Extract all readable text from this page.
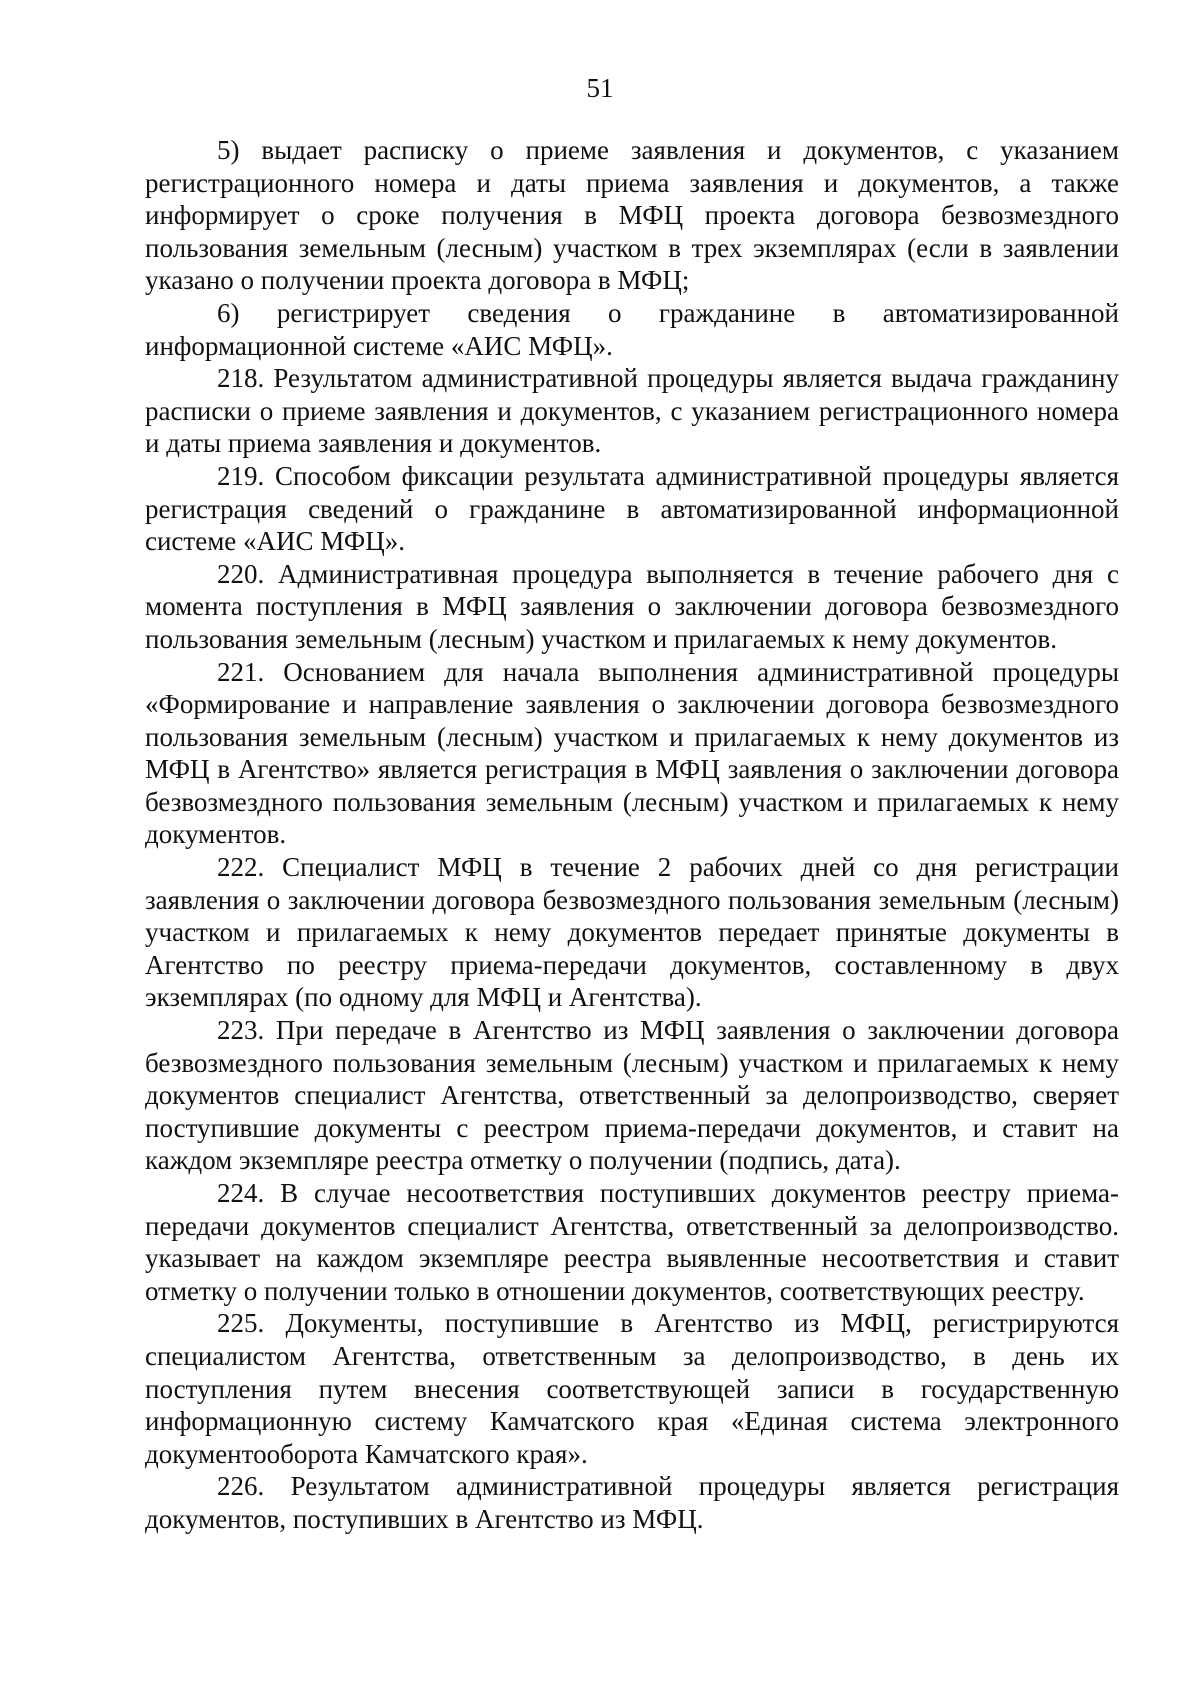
51

5) выдает расписку о приеме заявления и документов, с указанием регистрационного номера и даты приема заявления и документов, а также информирует о сроке получения в МФЦ проекта договора безвозмездного пользования земельным (лесным) участком в трех экземплярах (если в заявлении указано о получении проекта договора в МФЦ;

6) регистрирует сведения о гражданине в автоматизированной информационной системе «АИС МФЦ».

218. Результатом административной процедуры является выдача гражданину расписки о приеме заявления и документов, с указанием регистрационного номера и даты приема заявления и документов.

219. Способом фиксации результата административной процедуры является регистрация сведений о гражданине в автоматизированной информационной системе «АИС МФЦ».

220. Административная процедура выполняется в течение рабочего дня с момента поступления в МФЦ заявления о заключении договора безвозмездного пользования земельным (лесным) участком и прилагаемых к нему документов.

221. Основанием для начала выполнения административной процедуры «Формирование и направление заявления о заключении договора безвозмездного пользования земельным (лесным) участком и прилагаемых к нему документов из МФЦ в Агентство» является регистрация в МФЦ заявления о заключении договора безвозмездного пользования земельным (лесным) участком и прилагаемых к нему документов.

222. Специалист МФЦ в течение 2 рабочих дней со дня регистрации заявления о заключении договора безвозмездного пользования земельным (лесным) участком и прилагаемых к нему документов передает принятые документы в Агентство по реестру приема-передачи документов, составленному в двух экземплярах (по одному для МФЦ и Агентства).

223. При передаче в Агентство из МФЦ заявления о заключении договора безвозмездного пользования земельным (лесным) участком и прилагаемых к нему документов специалист Агентства, ответственный за делопроизводство, сверяет поступившие документы с реестром приема-передачи документов, и ставит на каждом экземпляре реестра отметку о получении (подпись, дата).

224. В случае несоответствия поступивших документов реестру приема-передачи документов специалист Агентства, ответственный за делопроизводство. указывает на каждом экземпляре реестра выявленные несоответствия и ставит отметку о получении только в отношении документов, соответствующих реестру.

225. Документы, поступившие в Агентство из МФЦ, регистрируются специалистом Агентства, ответственным за делопроизводство, в день их поступления путем внесения соответствующей записи в государственную информационную систему Камчатского края «Единая система электронного документооборота Камчатского края».

226. Результатом административной процедуры является регистрация документов, поступивших в Агентство из МФЦ.
